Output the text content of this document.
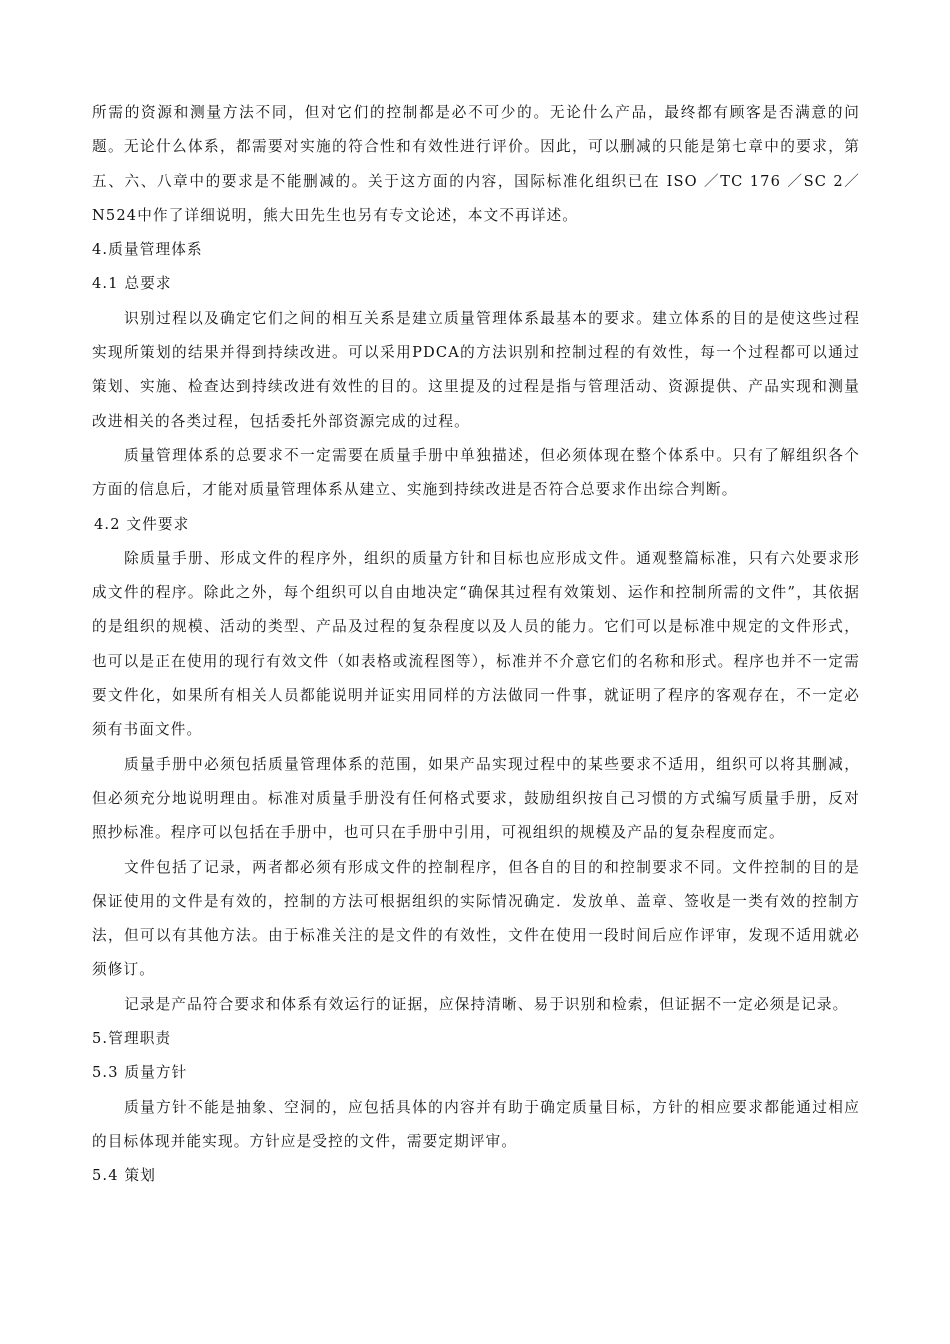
所需的资源和测量方法不同，但对它们的控制都是必不可少的。无论什么产品，最终都有顾客是否满意的问题。无论什么体系，都需要对实施的符合性和有效性进行评价。因此，可以删减的只能是第七章中的要求，第五、六、八章中的要求是不能删减的。关于这方面的内容，国际标准化组织已在 ISO ／TC 176 ／SC 2／N524中作了详细说明，熊大田先生也另有专文论述，本文不再详述。

4.质量管理体系

4.1 总要求

识别过程以及确定它们之间的相互关系是建立质量管理体系最基本的要求。建立体系的目的是使这些过程实现所策划的结果并得到持续改进。可以采用PDCA的方法识别和控制过程的有效性，每一个过程都可以通过策划、实施、检查达到持续改进有效性的目的。这里提及的过程是指与管理活动、资源提供、产品实现和测量改进相关的各类过程，包括委托外部资源完成的过程。

质量管理体系的总要求不一定需要在质量手册中单独描述，但必须体现在整个体系中。只有了解组织各个方面的信息后，才能对质量管理体系从建立、实施到持续改进是否符合总要求作出综合判断。

4.2 文件要求

除质量手册、形成文件的程序外，组织的质量方针和目标也应形成文件。通观整篇标准，只有六处要求形成文件的程序。除此之外，每个组织可以自由地决定“确保其过程有效策划、运作和控制所需的文件”，其依据的是组织的规模、活动的类型、产品及过程的复杂程度以及人员的能力。它们可以是标准中规定的文件形式，也可以是正在使用的现行有效文件（如表格或流程图等），标准并不介意它们的名称和形式。程序也并不一定需要文件化，如果所有相关人员都能说明并证实用同样的方法做同一件事，就证明了程序的客观存在，不一定必须有书面文件。

质量手册中必须包括质量管理体系的范围，如果产品实现过程中的某些要求不适用，组织可以将其删减，但必须充分地说明理由。标准对质量手册没有任何格式要求，鼓励组织按自己习惯的方式编写质量手册，反对照抄标准。程序可以包括在手册中，也可只在手册中引用，可视组织的规模及产品的复杂程度而定。

文件包括了记录，两者都必须有形成文件的控制程序，但各自的目的和控制要求不同。文件控制的目的是保证使用的文件是有效的，控制的方法可根据组织的实际情况确定．发放单、盖章、签收是一类有效的控制方法，但可以有其他方法。由于标准关注的是文件的有效性，文件在使用一段时间后应作评审，发现不适用就必须修订。

记录是产品符合要求和体系有效运行的证据，应保持清晰、易于识别和检索，但证据不一定必须是记录。

5.管理职责

5.3 质量方针

质量方针不能是抽象、空洞的，应包括具体的内容并有助于确定质量目标，方针的相应要求都能通过相应的目标体现并能实现。方针应是受控的文件，需要定期评审。

5.4 策划
